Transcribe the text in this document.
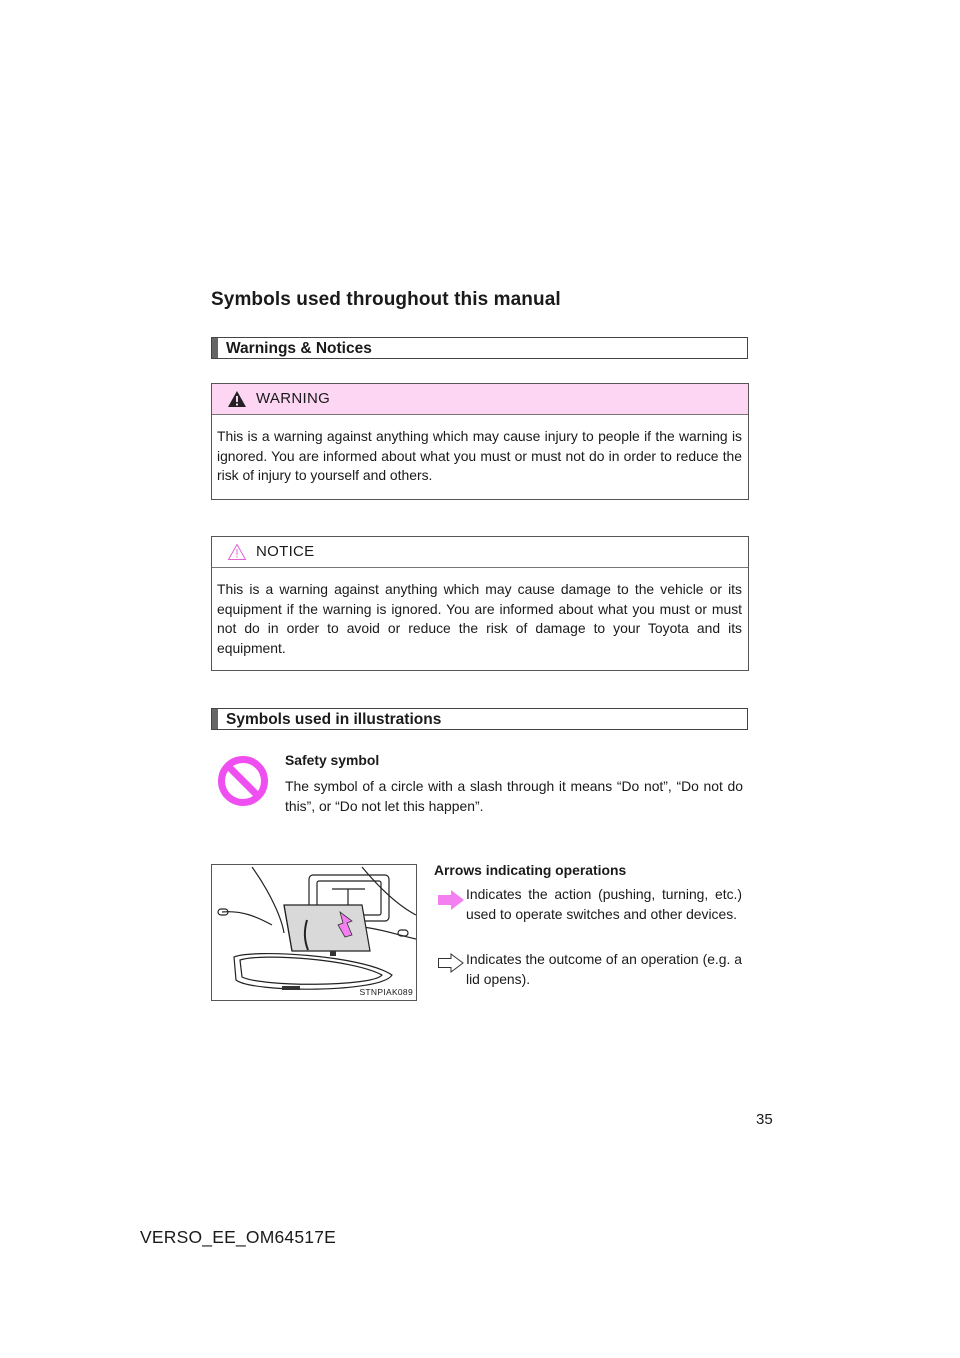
Symbols used throughout this manual
Warnings & Notices
WARNING
This is a warning against anything which may cause injury to people if the warning is ignored. You are informed about what you must or must not do in order to reduce the risk of injury to yourself and others.
NOTICE
This is a warning against anything which may cause damage to the vehicle or its equipment if the warning is ignored. You are informed about what you must or must not do in order to avoid or reduce the risk of damage to your Toyota and its equipment.
Symbols used in illustrations
Safety symbol
The symbol of a circle with a slash through it means “Do not”, “Do not do this”, or “Do not let this happen”.
Arrows indicating operations
Indicates the action (pushing, turning, etc.) used to operate switches and other devices.
Indicates the outcome of an operation (e.g. a lid opens).
STNPIAK089
35
VERSO_EE_OM64517E
